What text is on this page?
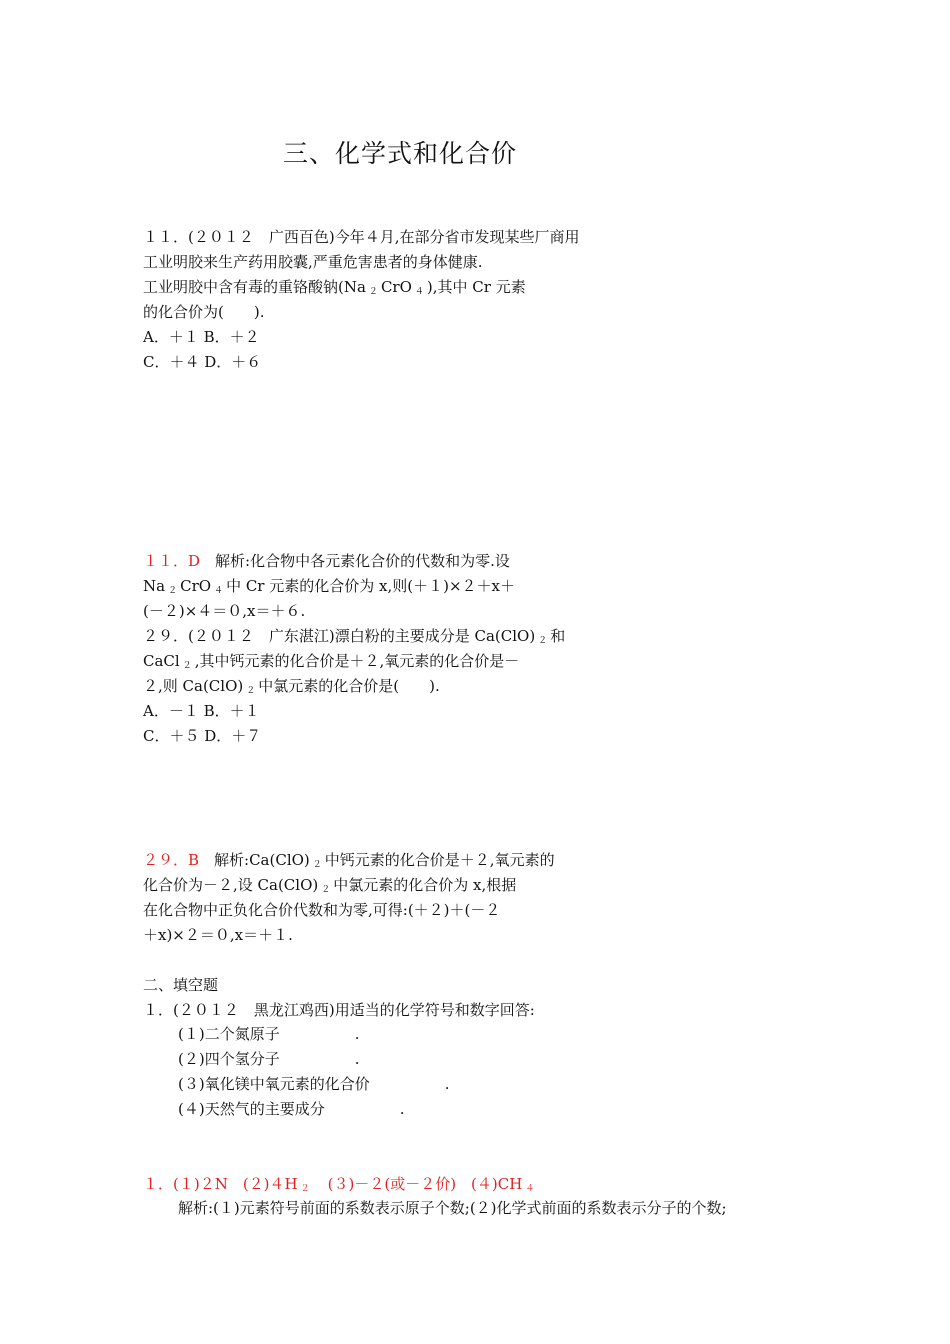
三、化学式和化合价
１１．(２０１２　广西百色)今年４月,在部分省市发现某些厂商用
工业明胶来生产药用胶囊,严重危害患者的身体健康.
工业明胶中含有毒的重铬酸钠(Na $_2$ CrO $_4$ ),其中 Cr 元素
的化合价为(　　).
A．＋１ B．＋２
C．＋４ D．＋６
１１．D　解析:化合物中各元素化合价的代数和为零.设
Na $_2$ CrO $_4$ 中 Cr 元素的化合价为 x,则(＋１)×２＋x＋
(－２)×４＝０,x＝＋６.
２９．(２０１２　广东湛江)漂白粉的主要成分是 Ca(ClO) $_2$ 和
CaCl $_2$ ,其中钙元素的化合价是＋２,氧元素的化合价是－
２,则 Ca(ClO) $_2$ 中氯元素的化合价是(　　).
A．－１ B．＋１
C．＋５ D．＋７
２９．B　解析:Ca(ClO) $_2$ 中钙元素的化合价是＋２,氧元素的
化合价为－２,设 Ca(ClO) $_2$ 中氯元素的化合价为 x,根据
在化合物中正负化合价代数和为零,可得:(＋２)＋(－２
＋x)×２＝０,x＝＋１.
二、填空题
１．(２０１２　黑龙江鸡西)用适当的化学符号和数字回答:
(１)二个氮原子　　　　　.
(２)四个氢分子　　　　　.
(３)氧化镁中氧元素的化合价　　　　　.
(４)天然气的主要成分　　　　　.
１．(１)２N　(２)４H $_2$　(３)－２(或－２价)　(４)CH $_4$
解析:(１)元素符号前面的系数表示原子个数;(２)化学式前面的系数表示分子的个数;
